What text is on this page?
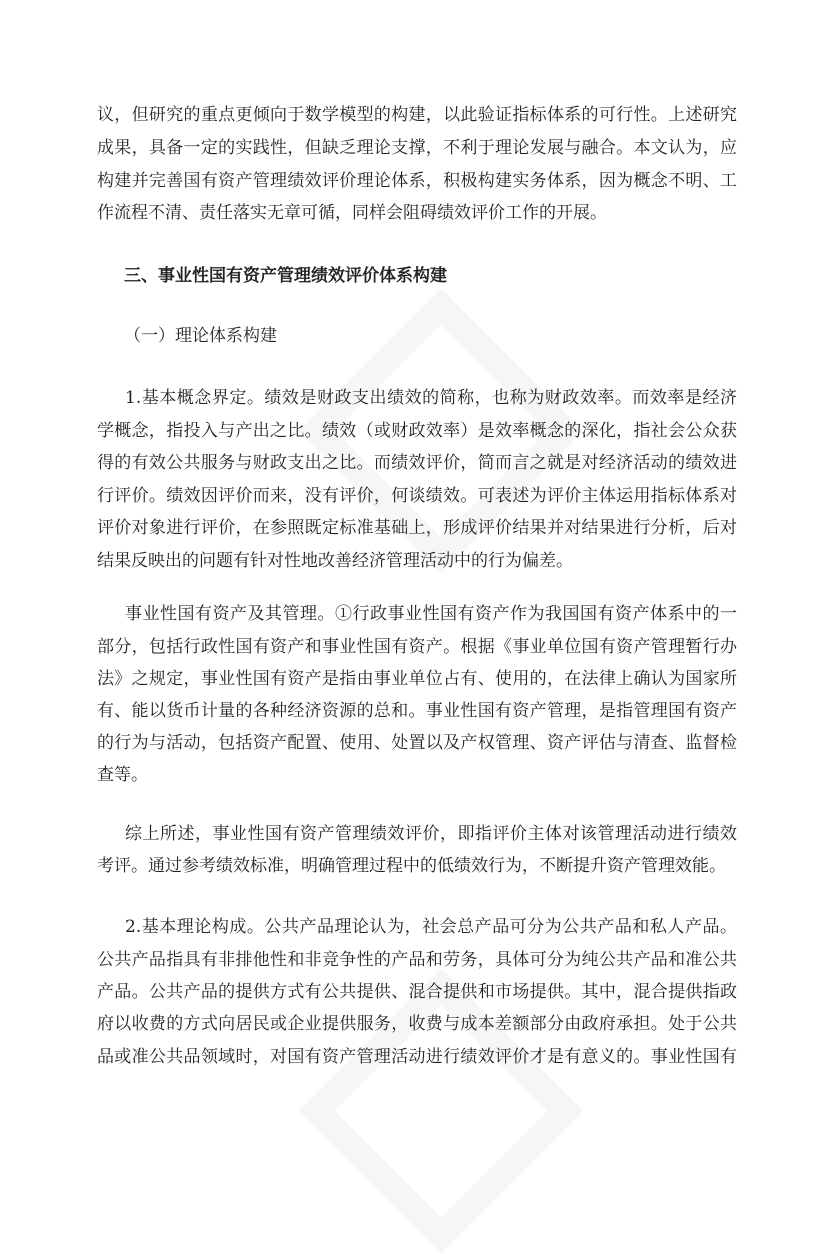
三、事业性国有资产管理绩效评价体系构建
（一）理论体系构建
议，但研究的重点更倾向于数学模型的构建，以此验证指标体系的可行性。上述研究
成果，具备一定的实践性，但缺乏理论支撑，不利于理论发展与融合。本文认为，应
构建并完善国有资产管理绩效评价理论体系，积极构建实务体系，因为概念不明、工
作流程不清、责任落实无章可循，同样会阻碍绩效评价工作的开展。
1.基本概念界定。绩效是财政支出绩效的简称，也称为财政效率。而效率是经济
学概念，指投入与产出之比。绩效（或财政效率）是效率概念的深化，指社会公众获
得的有效公共服务与财政支出之比。而绩效评价，简而言之就是对经济活动的绩效进
行评价。绩效因评价而来，没有评价，何谈绩效。可表述为评价主体运用指标体系对
评价对象进行评价，在参照既定标准基础上，形成评价结果并对结果进行分析，后对
结果反映出的问题有针对性地改善经济管理活动中的行为偏差。
事业性国有资产及其管理。①行政事业性国有资产作为我国国有资产体系中的一
部分，包括行政性国有资产和事业性国有资产。根据《事业单位国有资产管理暂行办
法》之规定，事业性国有资产是指由事业单位占有、使用的，在法律上确认为国家所
有、能以货币计量的各种经济资源的总和。事业性国有资产管理，是指管理国有资产
的行为与活动，包括资产配置、使用、处置以及产权管理、资产评估与清查、监督检
查等。
综上所述，事业性国有资产管理绩效评价，即指评价主体对该管理活动进行绩效
考评。通过参考绩效标准，明确管理过程中的低绩效行为，不断提升资产管理效能。
2.基本理论构成。公共产品理论认为，社会总产品可分为公共产品和私人产品。
公共产品指具有非排他性和非竞争性的产品和劳务，具体可分为纯公共产品和准公共
产品。公共产品的提供方式有公共提供、混合提供和市场提供。其中，混合提供指政
府以收费的方式向居民或企业提供服务，收费与成本差额部分由政府承担。处于公共
品或准公共品领域时，对国有资产管理活动进行绩效评价才是有意义的。事业性国有
